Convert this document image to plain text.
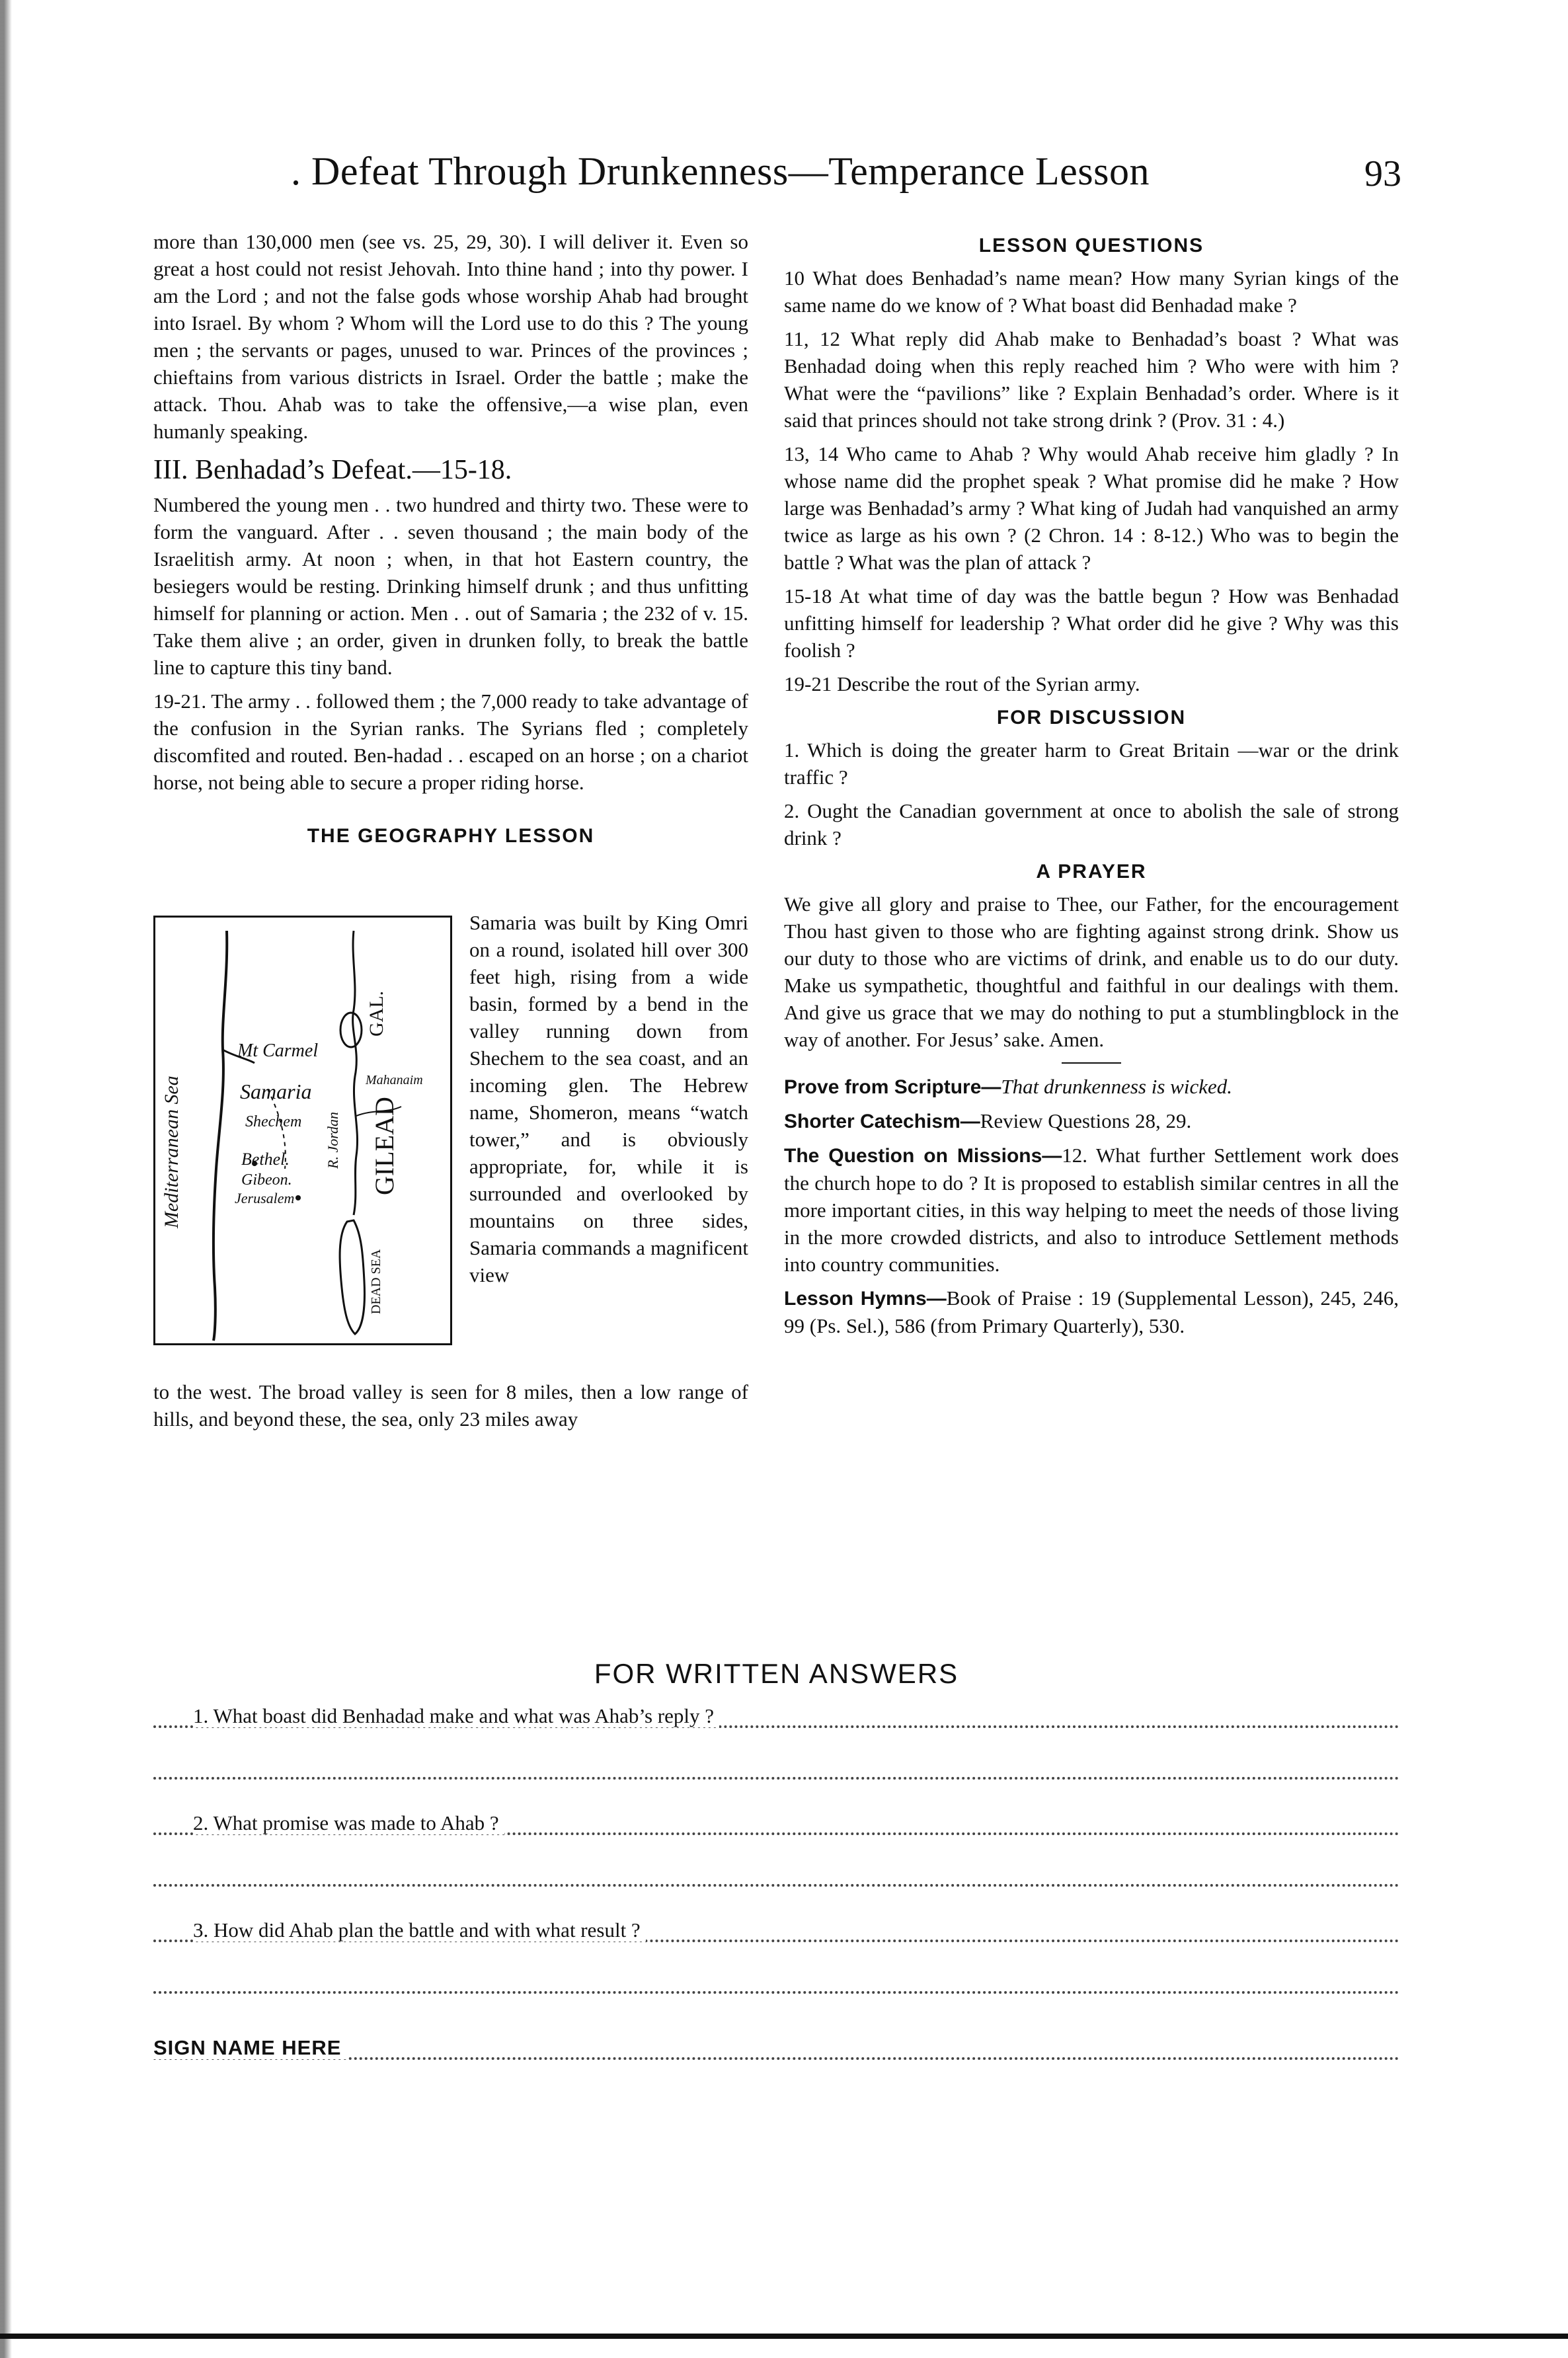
. Defeat Through Drunkenness—Temperance Lesson	93

more than 130,000 men (see vs. 25, 29, 30). I will deliver it. Even so great a host could not resist Jehovah. Into thine hand ; into thy power. I am the Lord ; and not the false gods whose worship Ahab had brought into Israel. By whom ? Whom will the Lord use to do this ? The young men ; the servants or pages, unused to war. Princes of the provinces ; chieftains from various districts in Israel. Order the battle ; make the attack. Thou. Ahab was to take the offensive,—a wise plan, even humanly speaking.

III. Benhadad’s Defeat.—15-18.

Numbered the young men . . two hundred and thirty two. These were to form the vanguard. After . . seven thousand ; the main body of the Israelitish army. At noon ; when, in that hot Eastern country, the besiegers would be resting. Drinking himself drunk ; and thus unfitting himself for planning or action. Men . . out of Samaria ; the 232 of v. 15. Take them alive ; an order, given in drunken folly, to break the battle line to capture this tiny band.

19-21. The army . . followed them ; the 7,000 ready to take advantage of the confusion in the Syrian ranks. The Syrians fled ; completely discomfited and routed. Ben-hadad . . escaped on an horse ; on a chariot horse, not being able to secure a proper riding horse.

THE GEOGRAPHY LESSON
Mediterranean Sea
Mt Carmel
Samaria
Shechem
Bethel.
Gibeon.
Jerusalem
Mahanaim
R. Jordan GILEAD
GAL.
DEAD SEA
Samaria was built by King Omri on a round, isolated hill over 300 feet high, rising from a wide basin, formed by a bend in the valley running down from Shechem to the sea coast, and an incoming glen. The Hebrew name, Shomeron, means “watch tower,” and is obviously appropriate, for, while it is surrounded and overlooked by mountains on three sides, Samaria commands a magnificent view
to the west. The broad valley is seen for 8 miles, then a low range of hills, and beyond these, the sea, only 23 miles away
LESSON QUESTIONS

10 What does Benhadad’s name mean? How many Syrian kings of the same name do we know of ? What boast did Benhadad make ?

11, 12 What reply did Ahab make to Benhadad’s boast ? What was Benhadad doing when this reply reached him ? Who were with him ? What were the “pavilions” like ? Explain Benhadad’s order. Where is it said that princes should not take strong drink ? (Prov. 31 : 4.)

13, 14 Who came to Ahab ? Why would Ahab receive him gladly ? In whose name did the prophet speak ? What promise did he make ? How large was Benhadad’s army ? What king of Judah had vanquished an army twice as large as his own ? (2 Chron. 14 : 8-12.) Who was to begin the battle ? What was the plan of attack ?

15-18 At what time of day was the battle begun ? How was Benhadad unfitting himself for leadership ? What order did he give ? Why was this foolish ?

19-21 Describe the rout of the Syrian army.

FOR DISCUSSION

1. Which is doing the greater harm to Great Britain —war or the drink traffic ?

2. Ought the Canadian government at once to abolish the sale of strong drink ?

A PRAYER

We give all glory and praise to Thee, our Father, for the encouragement Thou hast given to those who are fighting against strong drink. Show us our duty to those who are victims of drink, and enable us to do our duty. Make us sympathetic, thoughtful and faithful in our dealings with them. And give us grace that we may do nothing to put a stumblingblock in the way of another. For Jesus’ sake. Amen.

Prove from Scripture—That drunkenness is wicked.

Shorter Catechism—Review Questions 28, 29.

The Question on Missions—12. What further Settlement work does the church hope to do ? It is proposed to establish similar centres in all the more important cities, in this way helping to meet the needs of those living in the more crowded districts, and also to introduce Settlement methods into country communities.

Lesson Hymns—Book of Praise : 19 (Supplemental Lesson), 245, 246, 99 (Ps. Sel.), 586 (from Primary Quarterly), 530.

FOR WRITTEN ANSWERS
1. What boast did Benhadad make and what was Ahab’s reply ?
2. What promise was made to Ahab ?
3. How did Ahab plan the battle and with what result ?
SIGN NAME HERE
